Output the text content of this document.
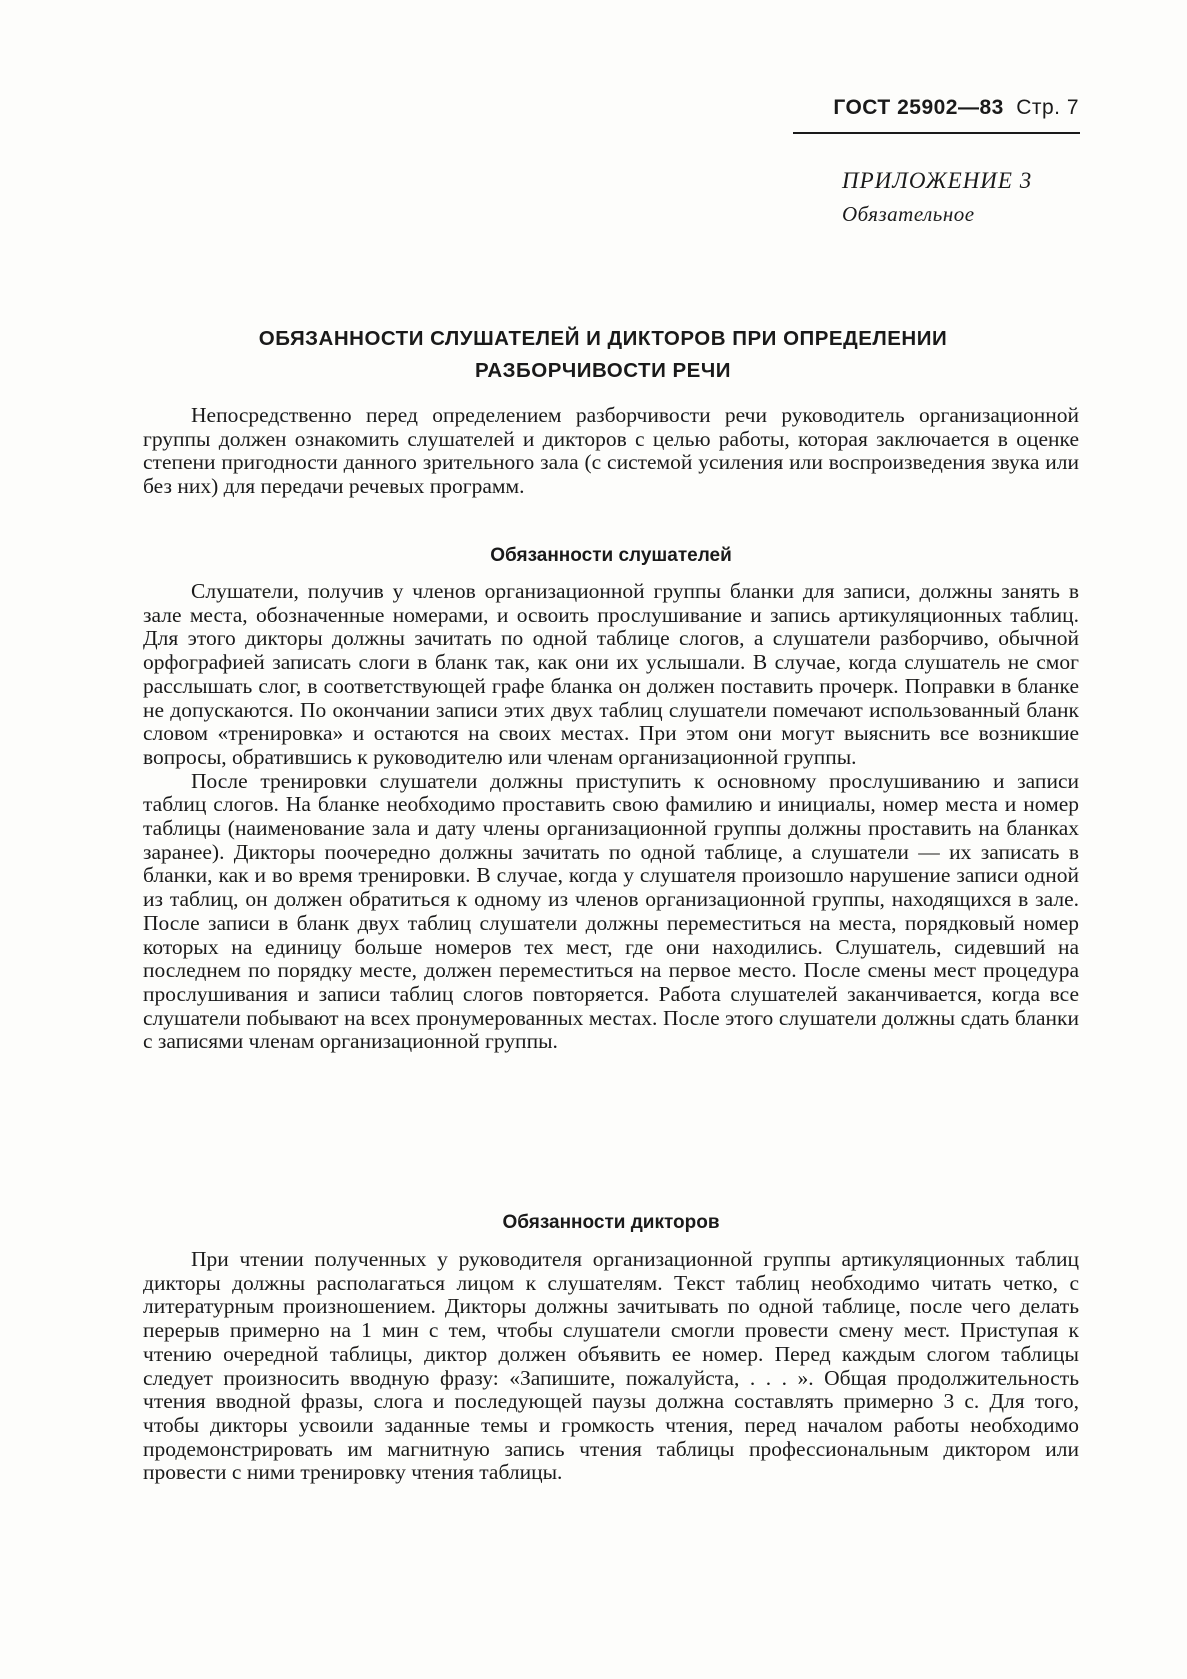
ГОСТ 25902—83 Стр. 7
ПРИЛОЖЕНИЕ 3
Обязательное
ОБЯЗАННОСТИ СЛУШАТЕЛЕЙ И ДИКТОРОВ ПРИ ОПРЕДЕЛЕНИИ
РАЗБОРЧИВОСТИ РЕЧИ

Непосредственно перед определением разборчивости речи руководитель организационной группы должен ознакомить слушателей и дикторов с целью работы, которая заключается в оценке степени пригодности данного зрительного зала (с системой усиления или воспроизведения звука или без них) для передачи речевых программ.

Обязанности слушателей

Слушатели, получив у членов организационной группы бланки для записи, должны занять в зале места, обозначенные номерами, и освоить прослушивание и запись артикуляционных таблиц. Для этого дикторы должны зачитать по одной таблице слогов, а слушатели разборчиво, обычной орфографией записать слоги в бланк так, как они их услышали. В случае, когда слушатель не смог расслышать слог, в соответствующей графе бланка он должен поставить прочерк. Поправки в бланке не допускаются. По окончании записи этих двух таблиц слушатели помечают использованный бланк словом «тренировка» и остаются на своих местах. При этом они могут выяснить все возникшие вопросы, обратившись к руководителю или членам организационной группы.

После тренировки слушатели должны приступить к основному прослушиванию и записи таблиц слогов. На бланке необходимо проставить свою фамилию и инициалы, номер места и номер таблицы (наименование зала и дату члены организационной группы должны проставить на бланках заранее). Дикторы поочередно должны зачитать по одной таблице, а слушатели — их записать в бланки, как и во время тренировки. В случае, когда у слушателя произошло нарушение записи одной из таблиц, он должен обратиться к одному из членов организационной группы, находящихся в зале. После записи в бланк двух таблиц слушатели должны переместиться на места, порядковый номер которых на единицу больше номеров тех мест, где они находились. Слушатель, сидевший на последнем по порядку месте, должен переместиться на первое место. После смены мест процедура прослушивания и записи таблиц слогов повторяется. Работа слушателей заканчивается, когда все слушатели побывают на всех пронумерованных местах. После этого слушатели должны сдать бланки с записями членам организационной группы.

Обязанности дикторов

При чтении полученных у руководителя организационной группы артикуляционных таблиц дикторы должны располагаться лицом к слушателям. Текст таблиц необходимо читать четко, с литературным произношением. Дикторы должны зачитывать по одной таблице, после чего делать перерыв примерно на 1 мин с тем, чтобы слушатели смогли провести смену мест. Приступая к чтению очередной таблицы, диктор должен объявить ее номер. Перед каждым слогом таблицы следует произносить вводную фразу: «Запишите, пожалуйста, . . . ». Общая продолжительность чтения вводной фразы, слога и последующей паузы должна составлять примерно 3 с. Для того, чтобы дикторы усвоили заданные темы и громкость чтения, перед началом работы необходимо продемонстрировать им магнитную запись чтения таблицы профессиональным диктором или провести с ними тренировку чтения таблицы.
